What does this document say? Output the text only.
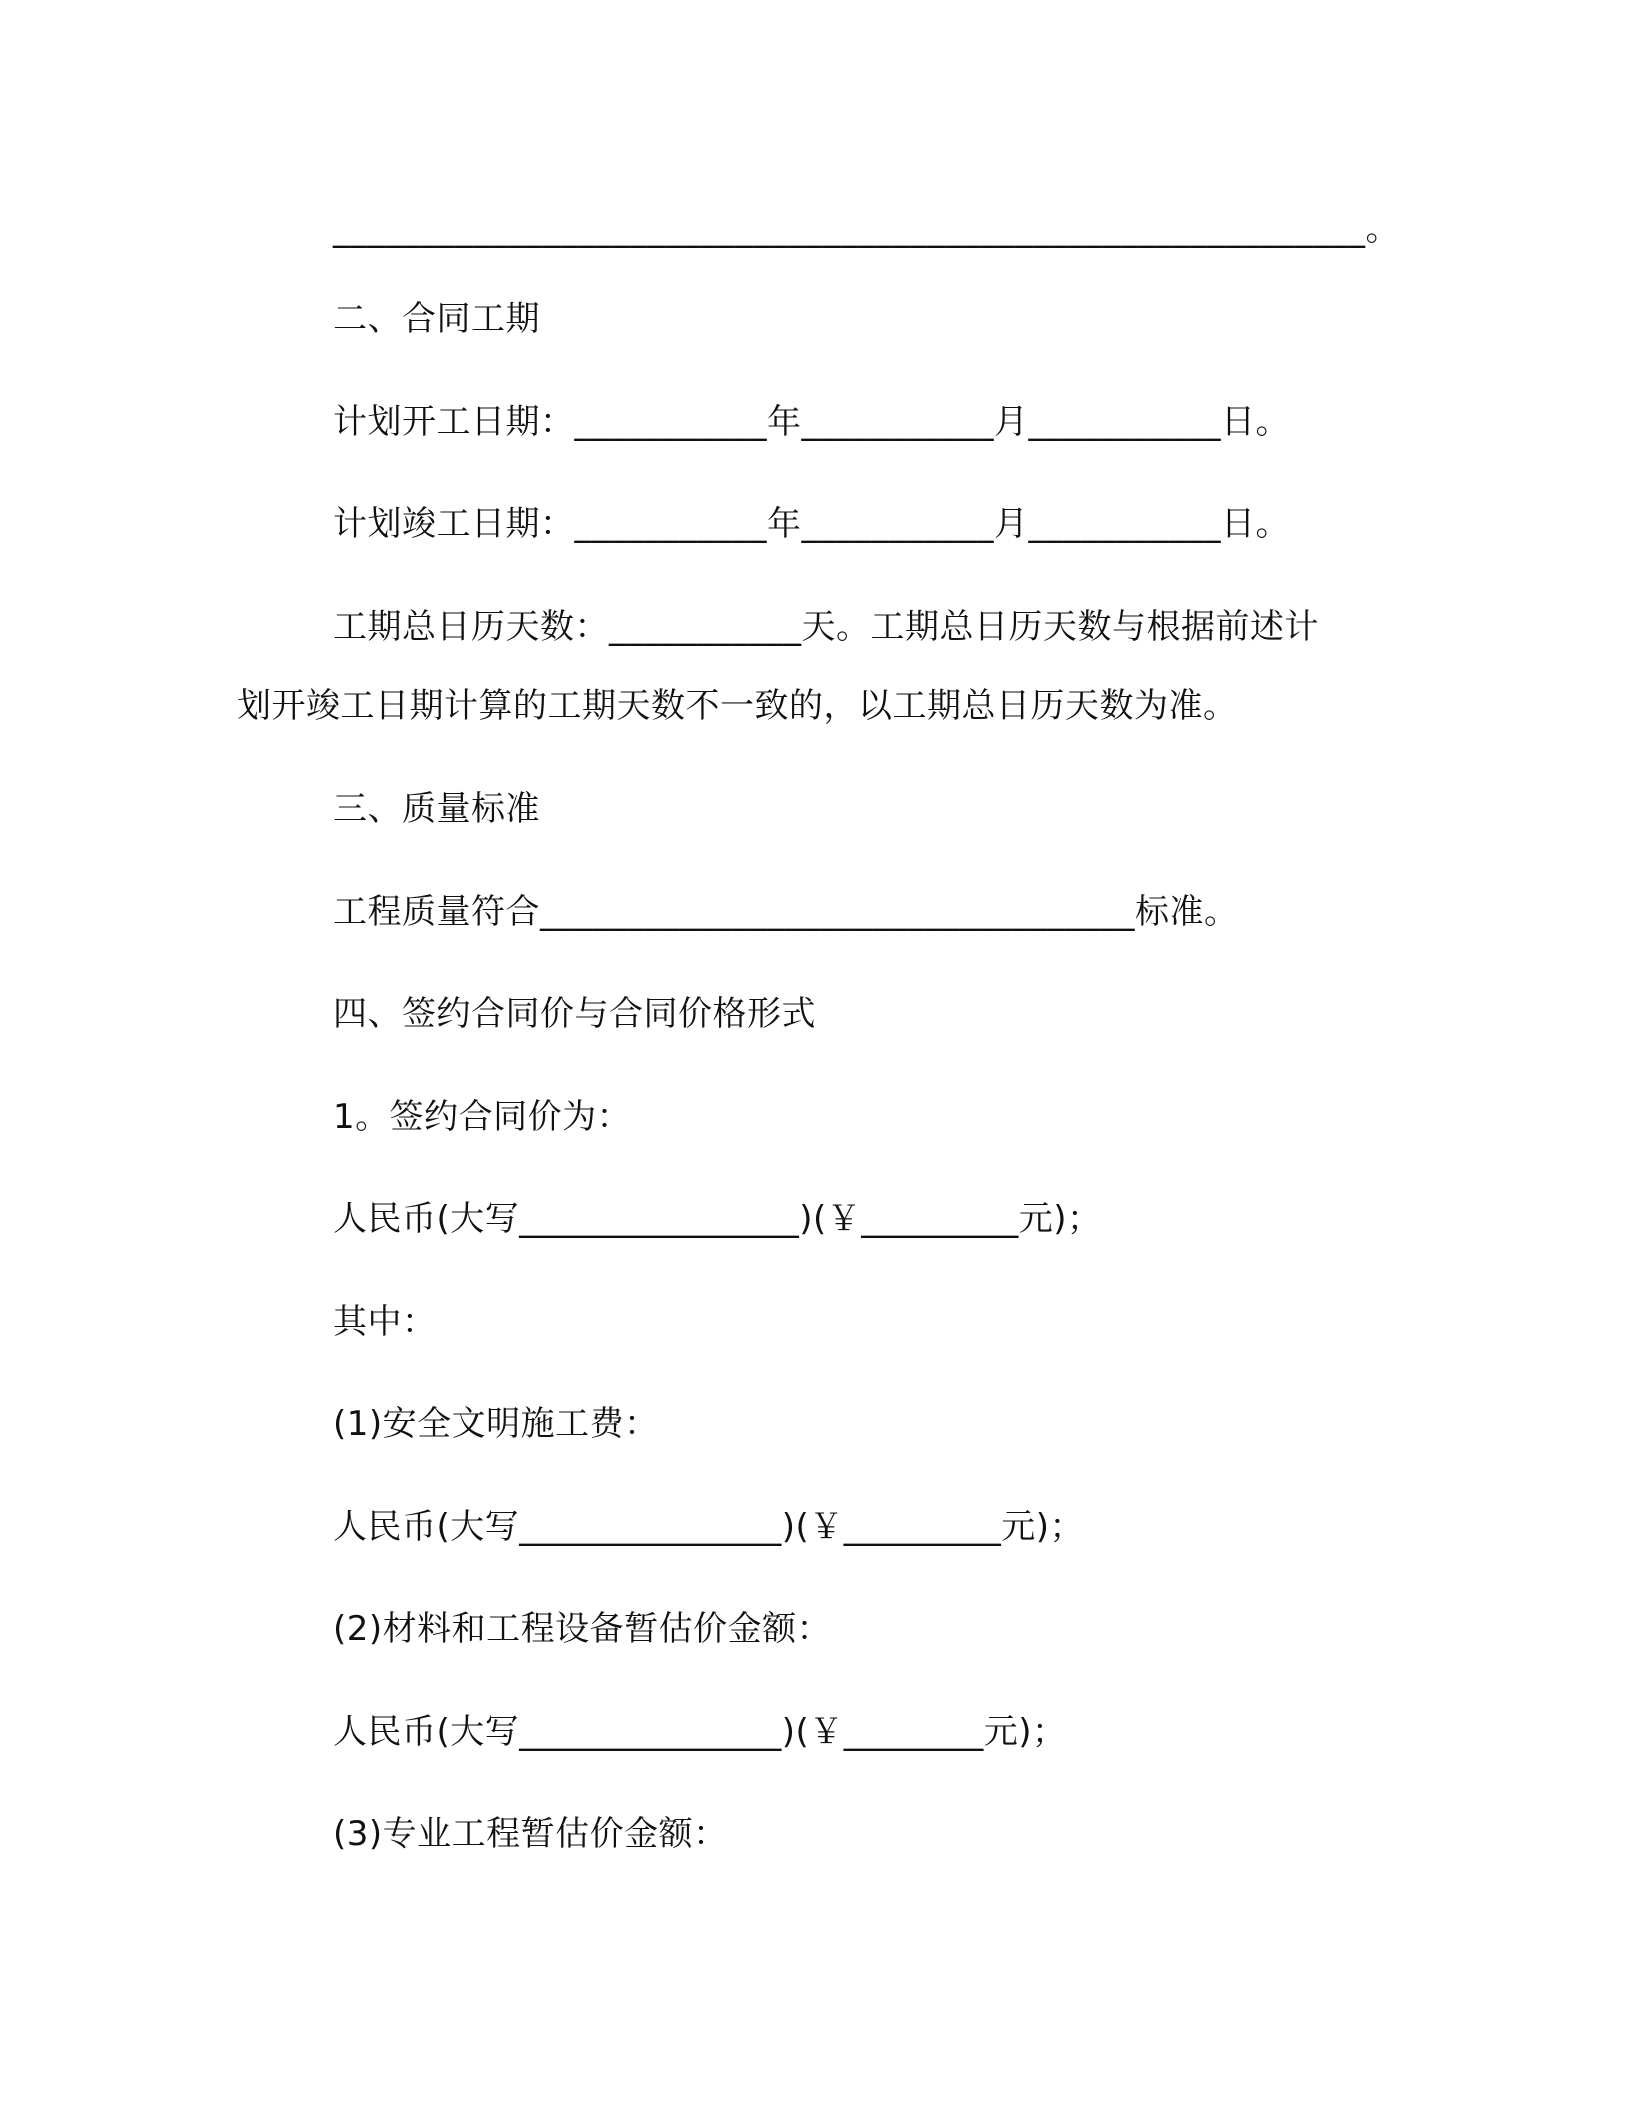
___________________________________________________________。
二、合同工期
计划开工日期：___________年___________月___________日。
计划竣工日期：___________年___________月___________日。
工期总日历天数：___________天。工期总日历天数与根据前述计
划开竣工日期计算的工期天数不一致的，以工期总日历天数为准。
三、质量标准
工程质量符合__________________________________标准。
四、签约合同价与合同价格形式
1。签约合同价为：
人民币(大写________________)(￥_________元)；
其中：
(1)安全文明施工费：
人民币(大写_______________)(￥_________元)；
(2)材料和工程设备暂估价金额：
人民币(大写_______________)(￥________元)；
(3)专业工程暂估价金额：
